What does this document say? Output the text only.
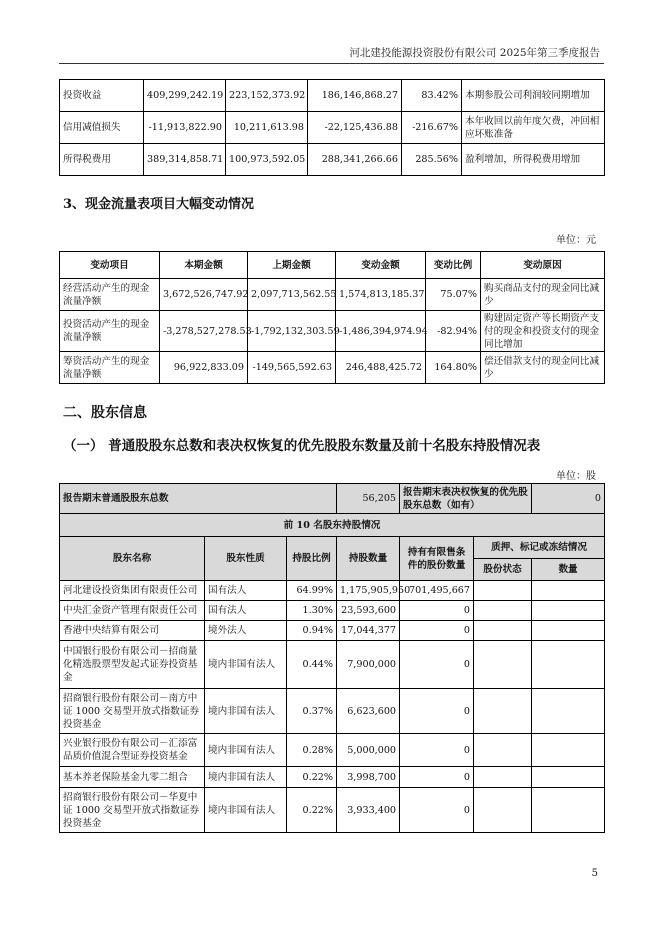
河北建投能源投资股份有限公司 2025年第三季度报告
投资收益	409,299,242.19	223,152,373.92	186,146,868.27	83.42%	本期参股公司利润较同期增加
信用减值损失	-11,913,822.90	10,211,613.98	-22,125,436.88	-216.67%	本年收回以前年度欠费，冲回相应坏账准备
所得税费用	389,314,858.71	100,973,592.05	288,341,266.66	285.56%	盈利增加，所得税费用增加
3、现金流量表项目大幅变动情况
单位：元
变动项目	本期金额	上期金额	变动金额	变动比例	变动原因
经营活动产生的现金流量净额	3,672,526,747.92	2,097,713,562.55	1,574,813,185.37	75.07%	购买商品支付的现金同比减少
投资活动产生的现金流量净额	-3,278,527,278.53	-1,792,132,303.59	-1,486,394,974.94	-82.94%	购建固定资产等长期资产支付的现金和投资支付的现金同比增加
筹资活动产生的现金流量净额	96,922,833.09	-149,565,592.63	246,488,425.72	164.80%	偿还借款支付的现金同比减少
二、股东信息
（一） 普通股股东总数和表决权恢复的优先股股东数量及前十名股东持股情况表
单位：股
报告期末普通股股东总数			56,205	报告期末表决权恢复的优先股股东总数（如有）		0
前 10 名股东持股情况						
股东名称	股东性质	持股比例	持股数量	持有有限售条件的股份数量	质押、标记或冻结情况	
					股份状态	数量
河北建设投资集团有限责任公司	国有法人	64.99%	1,175,905,950	701,495,667		
中央汇金资产管理有限责任公司	国有法人	1.30%	23,593,600	0		
香港中央结算有限公司	境外法人	0.94%	17,044,377	0		
中国银行股份有限公司－招商量化精选股票型发起式证券投资基金	境内非国有法人	0.44%	7,900,000	0		
招商银行股份有限公司－南方中证 1000 交易型开放式指数证券投资基金	境内非国有法人	0.37%	6,623,600	0		
兴业银行股份有限公司－汇添富品质价值混合型证券投资基金	境内非国有法人	0.28%	5,000,000	0		
基本养老保险基金九零二组合	境内非国有法人	0.22%	3,998,700	0		
招商银行股份有限公司－华夏中证 1000 交易型开放式指数证券投资基金	境内非国有法人	0.22%	3,933,400	0		
5
